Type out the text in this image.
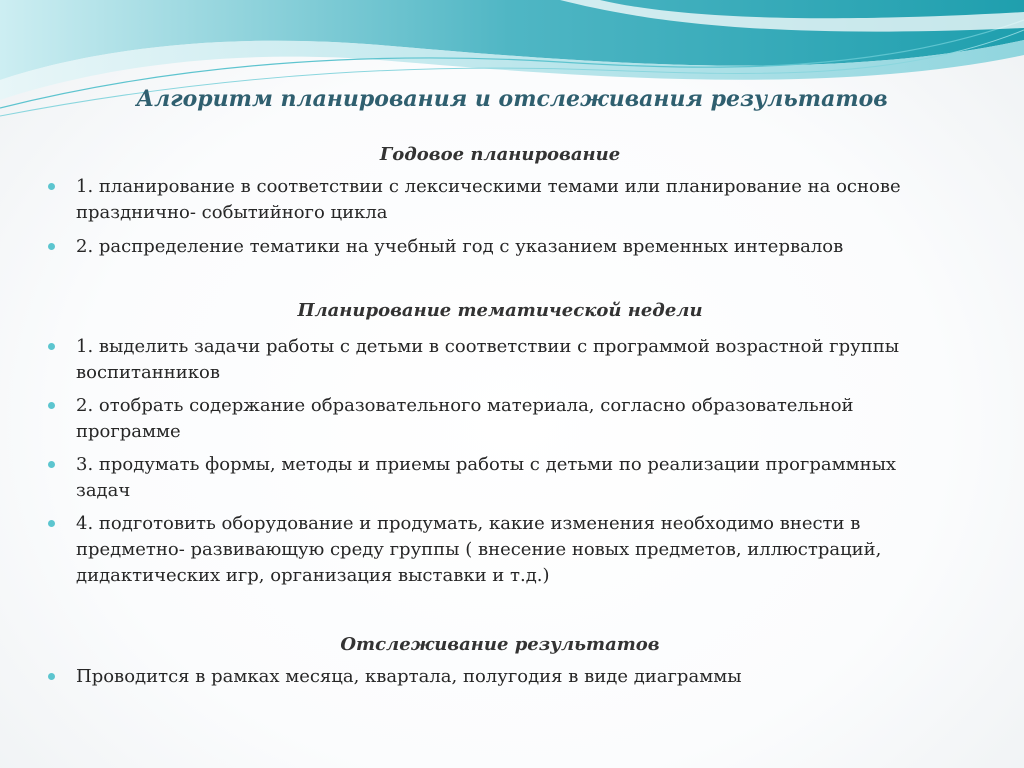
Алгоритм планирования и отслеживания результатов
Годовое планирование

1. планирование в соответствии с лексическими темами или планирование на основе празднично- событийного цикла

2. распределение тематики на учебный год с указанием временных интервалов

Планирование тематической недели

1. выделить задачи работы с детьми в соответствии с программой возрастной группы воспитанников

2. отобрать содержание образовательного материала, согласно образовательной программе

3. продумать формы, методы и приемы работы с детьми по реализации программных задач

4. подготовить оборудование и продумать, какие изменения необходимо внести в предметно- развивающую среду группы ( внесение новых предметов, иллюстраций, дидактических игр, организация выставки и т.д.)

Отслеживание результатов

Проводится в рамках месяца, квартала, полугодия в виде диаграммы
